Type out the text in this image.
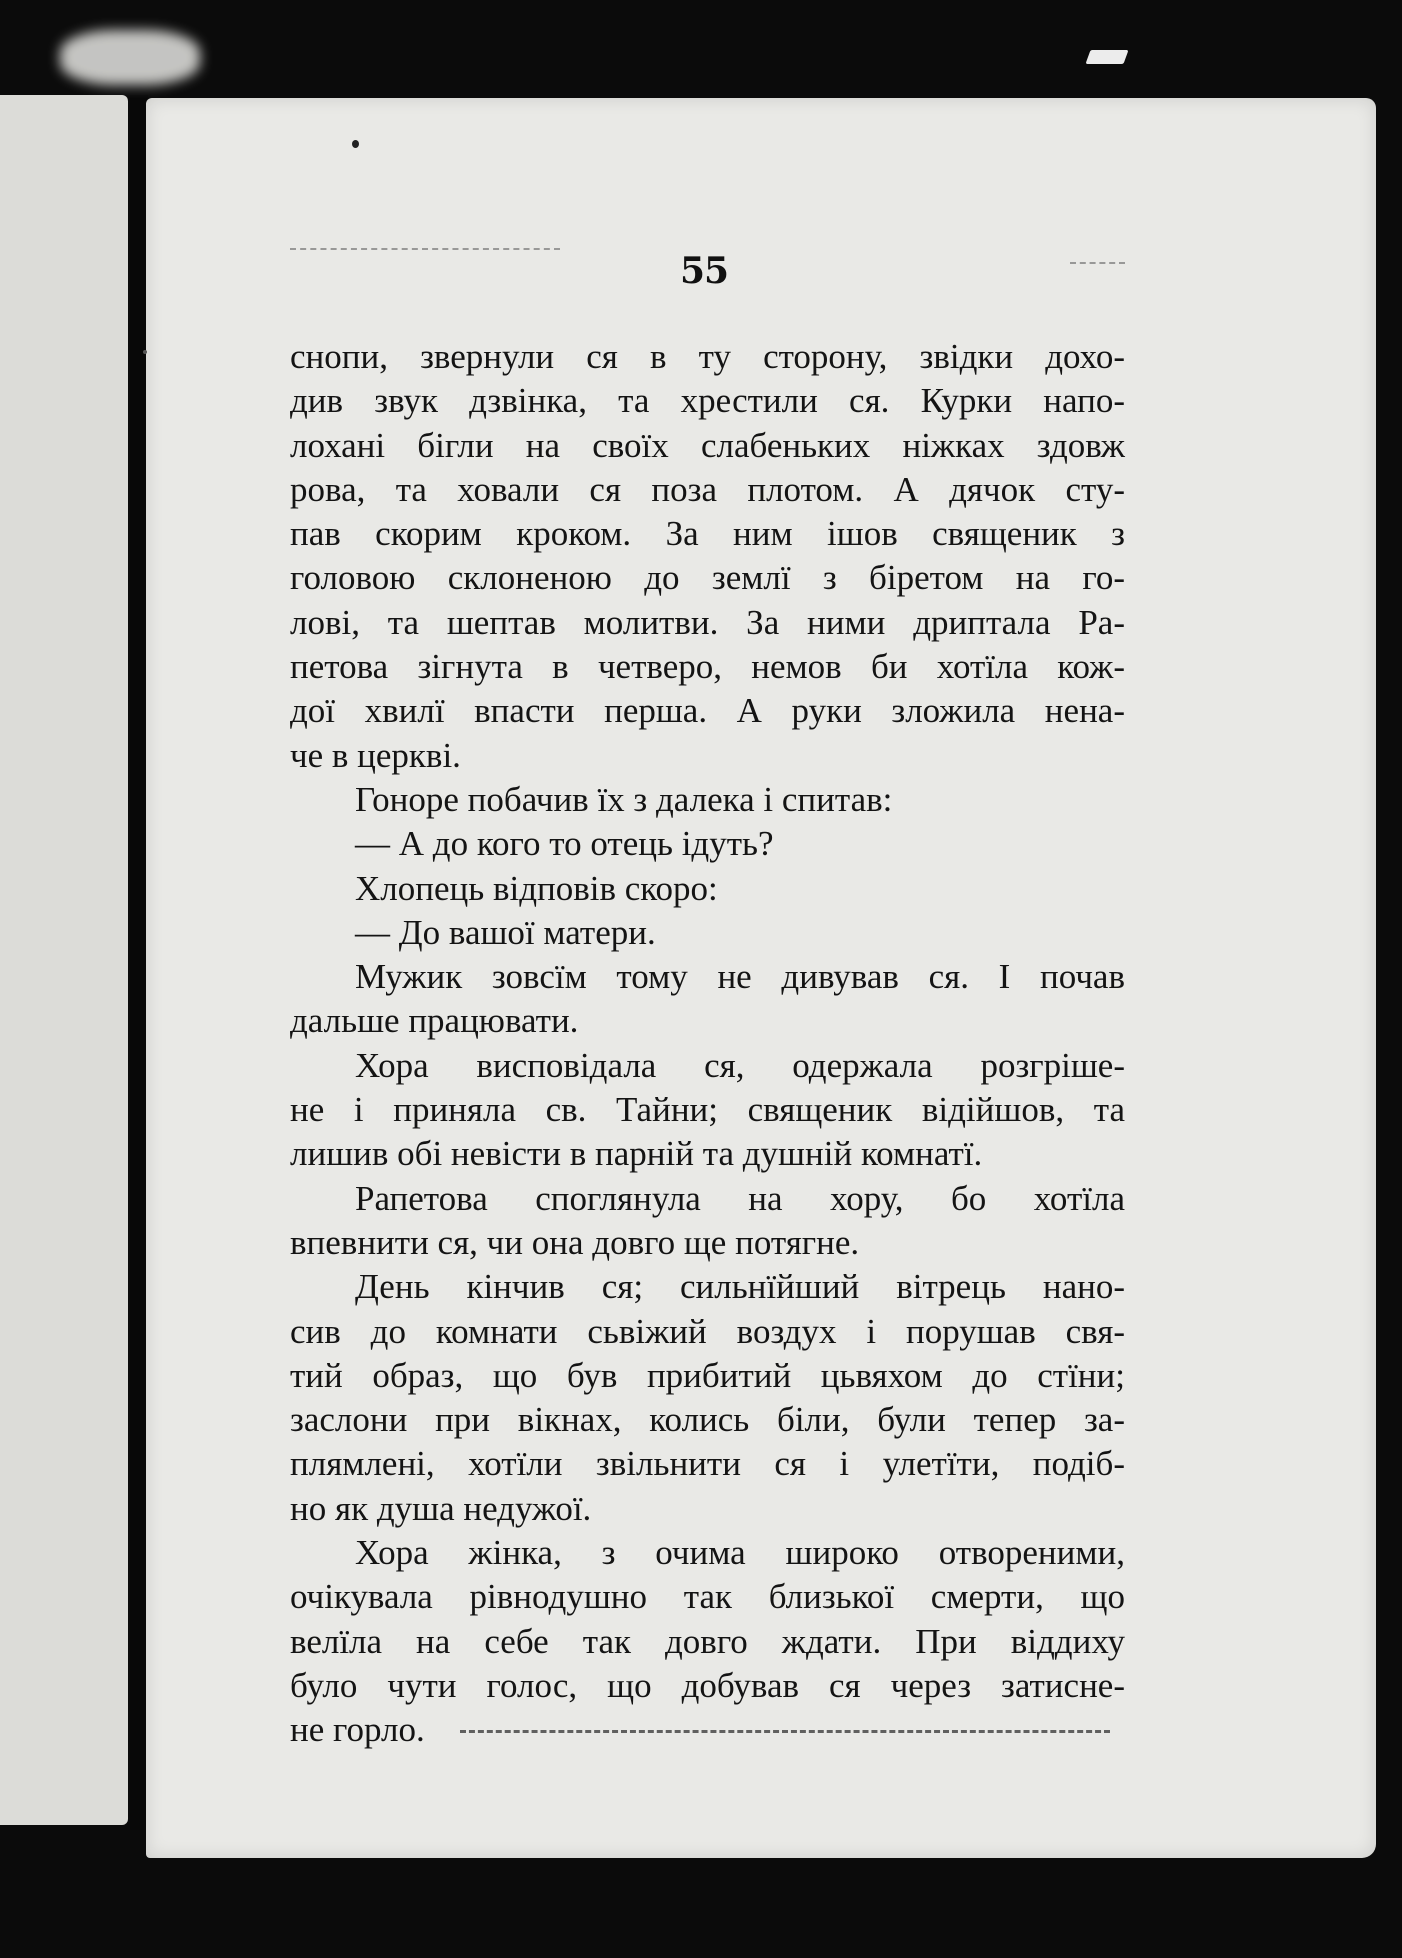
55
снопи, звернули ся в ту сторону, звідки дохо-
див звук дзвінка, та хрестили ся. Курки напо-
лохані бігли на своїх слабеньких ніжках здовж
рова, та ховали ся поза плотом. А дячок сту-
пав скорим кроком. За ним ішов священик з
головою склоненою до землї з біретом на го-
лові, та шептав молитви. За ними дриптала Ра-
петова зігнута в четверо, немов би хотїла кож-
дої хвилї впасти перша. А руки зложила нена-
че в церкві.
Гоноре побачив їх з далека і спитав:
— А до кого то отець ідуть?
Хлопець відповів скоро:
— До вашої матери.
Мужик зовсїм тому не дивував ся. І почав
дальше працювати.
Хора висповідала ся, одержала розгріше-
не і приняла св. Тайни; священик відійшов, та
лишив обі невісти в парній та душній комнатї.
Рапетова споглянула на хору, бо хотїла
впевнити ся, чи она довго ще потягне.
День кінчив ся; сильнїйший вітрець нано-
сив до комнати сьвіжий воздух і порушав свя-
тий образ, що був прибитий цьвяхом до стїни;
заслони при вікнах, колись біли, були тепер за-
плямлені, хотїли звільнити ся і улетїти, подіб-
но як душа недужої.
Хора жінка, з очима широко отвореними,
очікувала рівнодушно так близької смерти, що
велїла на себе так довго ждати. При віддиху
було чути голос, що добував ся через затисне-
не горло.
